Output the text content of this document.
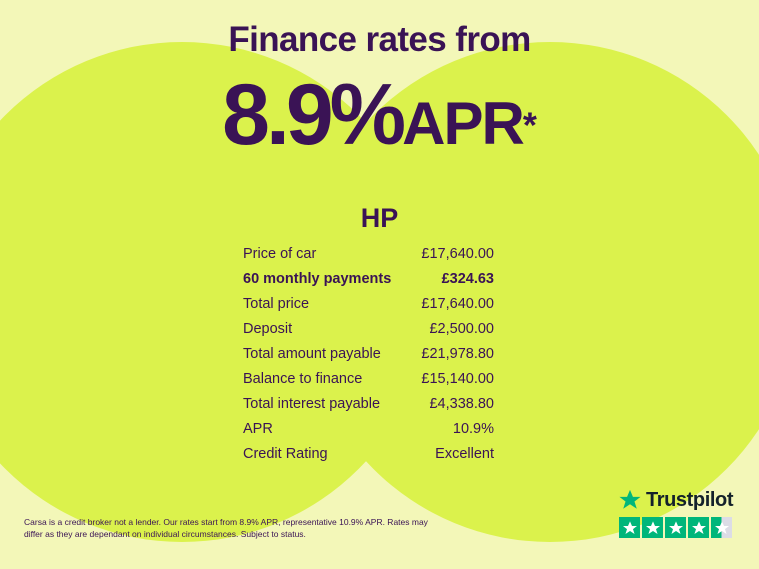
Finance rates from
8.9%APR*
HP
Price of car	£17,640.00
60 monthly payments	£324.63
Total price	£17,640.00
Deposit	£2,500.00
Total amount payable	£21,978.80
Balance to finance	£15,140.00
Total interest payable	£4,338.80
APR	10.9%
Credit Rating	Excellent
Carsa is a credit broker not a lender. Our rates start from 8.9% APR, representative 10.9% APR. Rates may differ as they are dependant on individual circumstances. Subject to status.
Trustpilot
